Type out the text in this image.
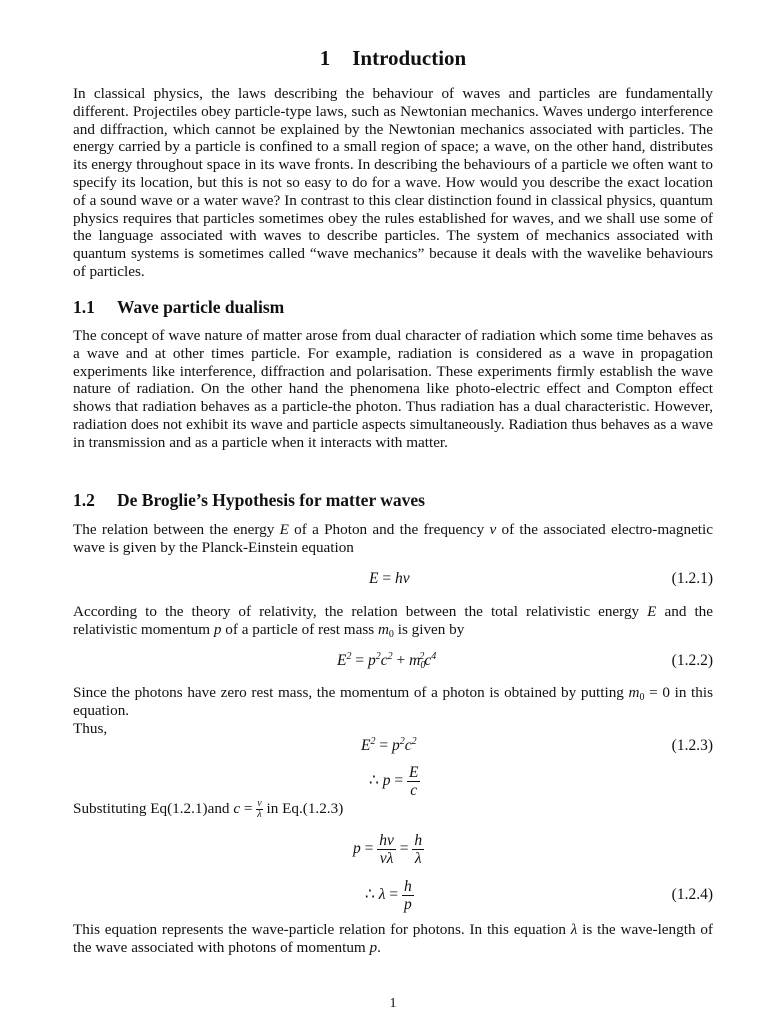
1 Introduction

In classical physics, the laws describing the behaviour of waves and particles are fundamentally different. Projectiles obey particle-type laws, such as Newtonian mechanics. Waves undergo interference and diffraction, which cannot be explained by the Newtonian mechanics associated with particles. The energy carried by a particle is confined to a small region of space; a wave, on the other hand, distributes its energy throughout space in its wave fronts. In describing the behaviours of a particle we often want to specify its location, but this is not so easy to do for a wave. How would you describe the exact location of a sound wave or a water wave? In contrast to this clear distinction found in classical physics, quantum physics requires that particles sometimes obey the rules established for waves, and we shall use some of the language associated with waves to describe particles. The system of mechanics associated with quantum systems is sometimes called “wave mechanics” because it deals with the wavelike behaviours of particles.

1.1 Wave particle dualism

The concept of wave nature of matter arose from dual character of radiation which some time behaves as a wave and at other times particle. For example, radiation is considered as a wave in propagation experiments like interference, diffraction and polarisation. These experiments firmly establish the wave nature of radiation. On the other hand the phenomena like photo-electric effect and Compton effect shows that radiation behaves as a particle-the photon. Thus radiation has a dual characteristic. However, radiation does not exhibit its wave and particle aspects simultaneously. Radiation thus behaves as a wave in transmission and as a particle when it interacts with matter.

1.2 De Broglie’s Hypothesis for matter waves

The relation between the energy E of a Photon and the frequency ν of the associated electro-magnetic wave is given by the Planck-Einstein equation

E = hν	(1.2.1)

According to the theory of relativity, the relation between the total relativistic energy E and the relativistic momentum p of a particle of rest mass $m_0$ is given by

$E^2 = p^2c^2 + m_0^2c^4$	(1.2.2)

Since the photons have zero rest mass, the momentum of a photon is obtained by putting $m_0 = 0$ in this equation.
Thus,

$E^2 = p^2c^2$	(1.2.3)
∴ $p = \frac{E}{c}$

Substituting Eq(1.2.1)and $c = \frac{\nu}{\lambda}$ in Eq.(1.2.3)

$p = \frac{h\nu}{\nu\lambda} = \frac{h}{\lambda}$
∴ $\lambda = \frac{h}{p}$	(1.2.4)

This equation represents the wave-particle relation for photons. In this equation λ is the wave-length of the wave associated with photons of momentum p.

1
